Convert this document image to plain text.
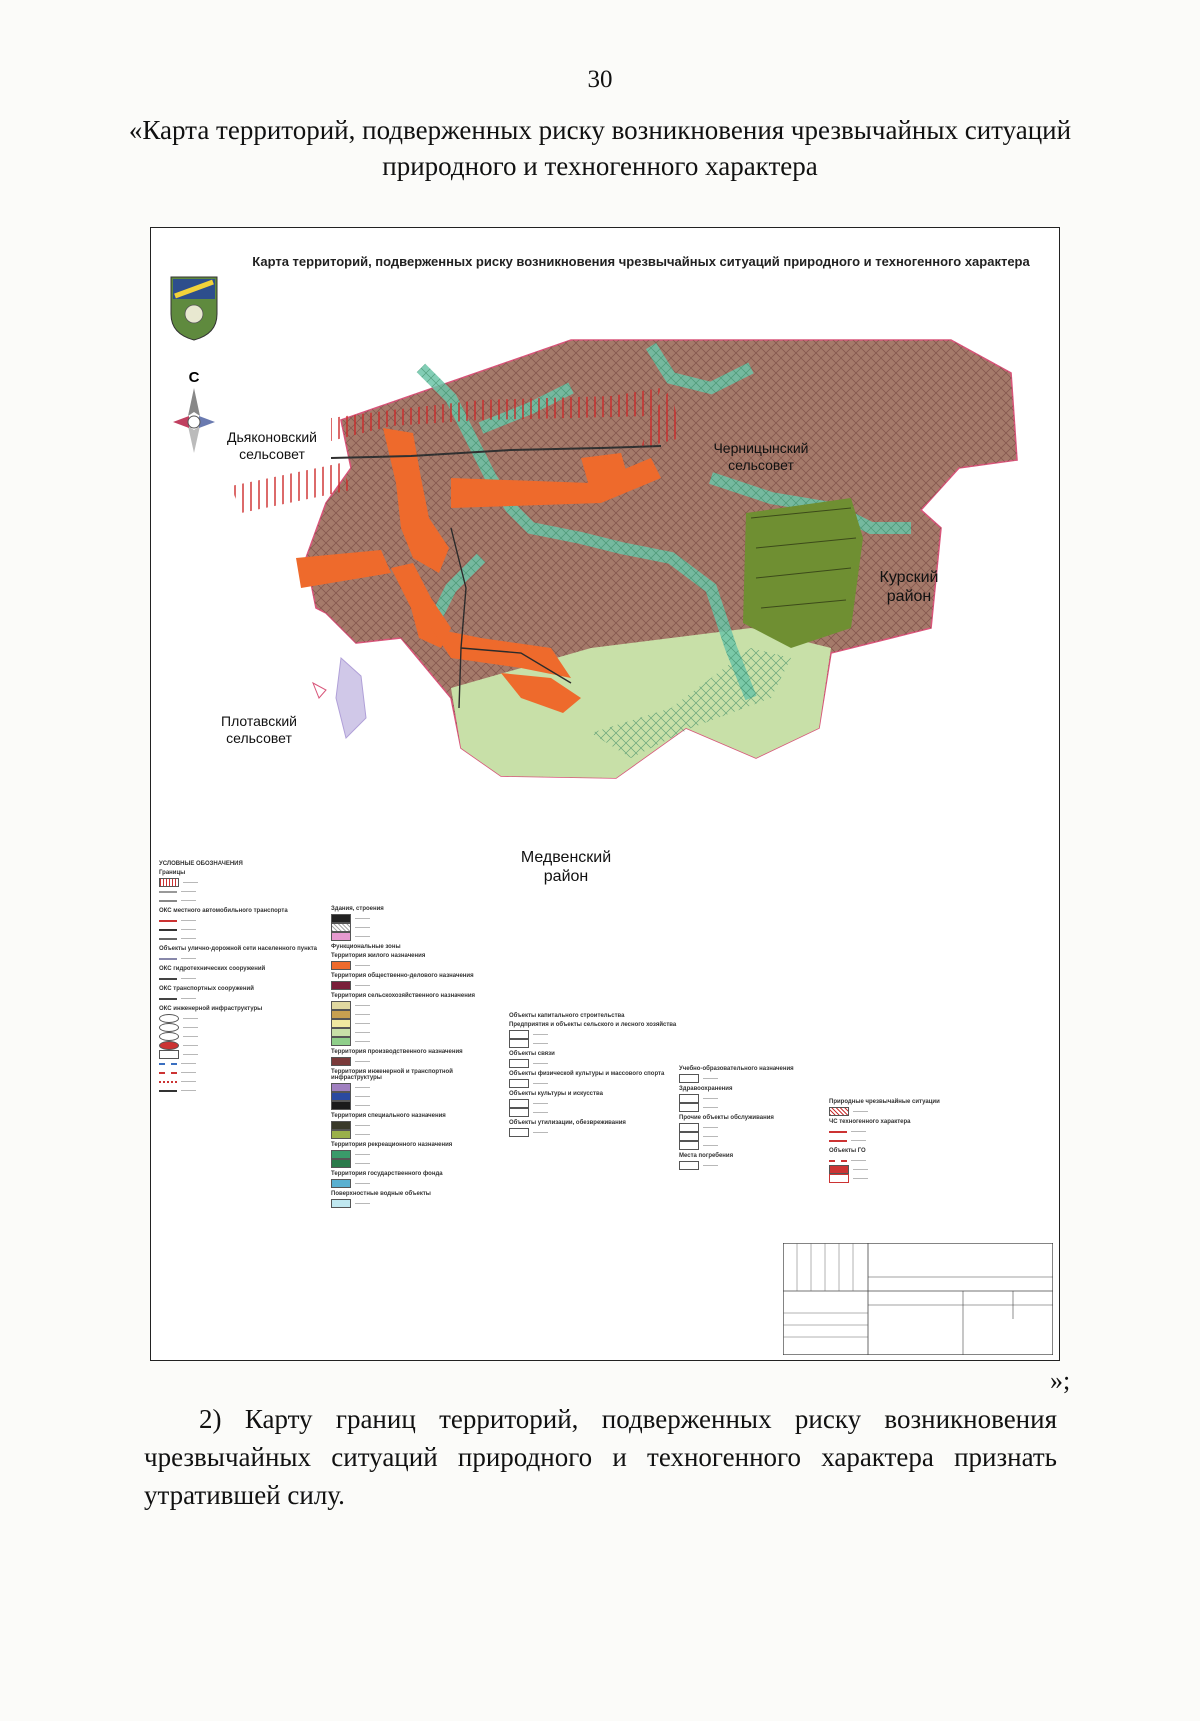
30
«Карта территорий, подверженных риску возникновения чрезвычайных ситуаций природного и техногенного характера
Карта территорий, подверженных риску возникновения чрезвычайных ситуаций природного и техногенного характера
С
Дьяконовский сельсовет	Черницынский сельсовет
Курский район
Плотавский сельсовет
Медвенский район
УСЛОВНЫЕ ОБОЗНАЧЕНИЯ
Границы
———
———
———
ОКС местного автомобильного транспорта
———
———
———
Объекты улично-дорожной сети населенного пункта
———
ОКС гидротехнических сооружений
———
ОКС транспортных сооружений
———
ОКС инженерной инфраструктуры
———
———
———
———
———
———
———
———
———
Здания, строения
———
———
———
Функциональные зоны
Территория жилого назначения
———
Территория общественно-делового назначения
———
Территория сельскохозяйственного назначения
———
———
———
———
———
Территория производственного назначения
———
Территория инженерной и транспортной инфраструктуры
———
———
———
Территория специального назначения
———
———
Территория рекреационного назначения
———
———
Территория государственного фонда
———
Поверхностные водные объекты
———
Объекты капитального строительства
Предприятия и объекты сельского и лесного хозяйства
———
———
Объекты связи
———
Объекты физической культуры и массового спорта
———
Объекты культуры и искусства
———
———
Объекты утилизации, обезвреживания
———
Учебно-образовательного назначения
———
Здравоохранения
———
———
Прочие объекты обслуживания
———
———
———
Места погребения
———
Природные чрезвычайные ситуации
———
ЧС техногенного характера
———
———
Объекты ГО
———
———
———
»;
2) Карту границ территорий, подверженных риску возникновения чрезвычайных ситуаций природного и техногенного характера признать утратившей силу.
